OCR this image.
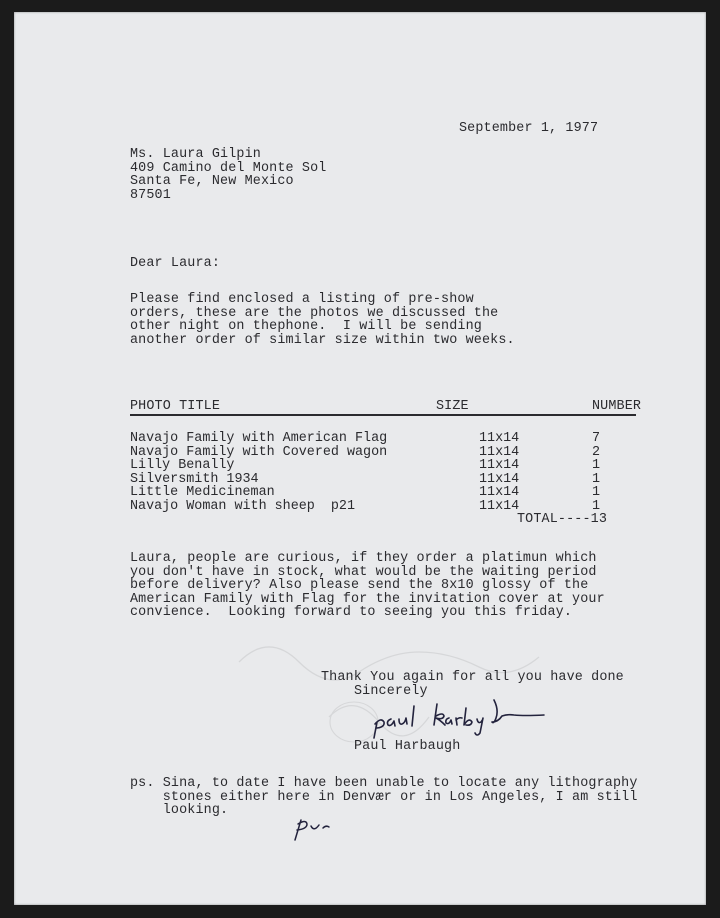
September 1, 1977
Ms. Laura Gilpin
409 Camino del Monte Sol
Santa Fe, New Mexico
87501
Dear Laura:
Please find enclosed a listing of pre-show
orders, these are the photos we discussed the
other night on thephone.  I will be sending
another order of similar size within two weeks.
PHOTO TITLE	SIZE	NUMBER
Navajo Family with American Flag	11x14	7
Navajo Family with Covered wagon	11x14	2
Lilly Benally	11x14	1
Silversmith 1934	11x14	1
Little Medicineman	11x14	1
Navajo Woman with sheep  p21	11x14	1
TOTAL----13
Laura, people are curious, if they order a platimun which
you don't have in stock, what would be the waiting period
before delivery? Also please send the 8x10 glossy of the
American Family with Flag for the invitation cover at your
convience.  Looking forward to seeing you this friday.
Thank You again for all you have done
Sincerely
Paul Harbaugh
ps. Sina, to date I have been unable to locate any lithography
stones either here in Denvær or in Los Angeles, I am still
looking.
